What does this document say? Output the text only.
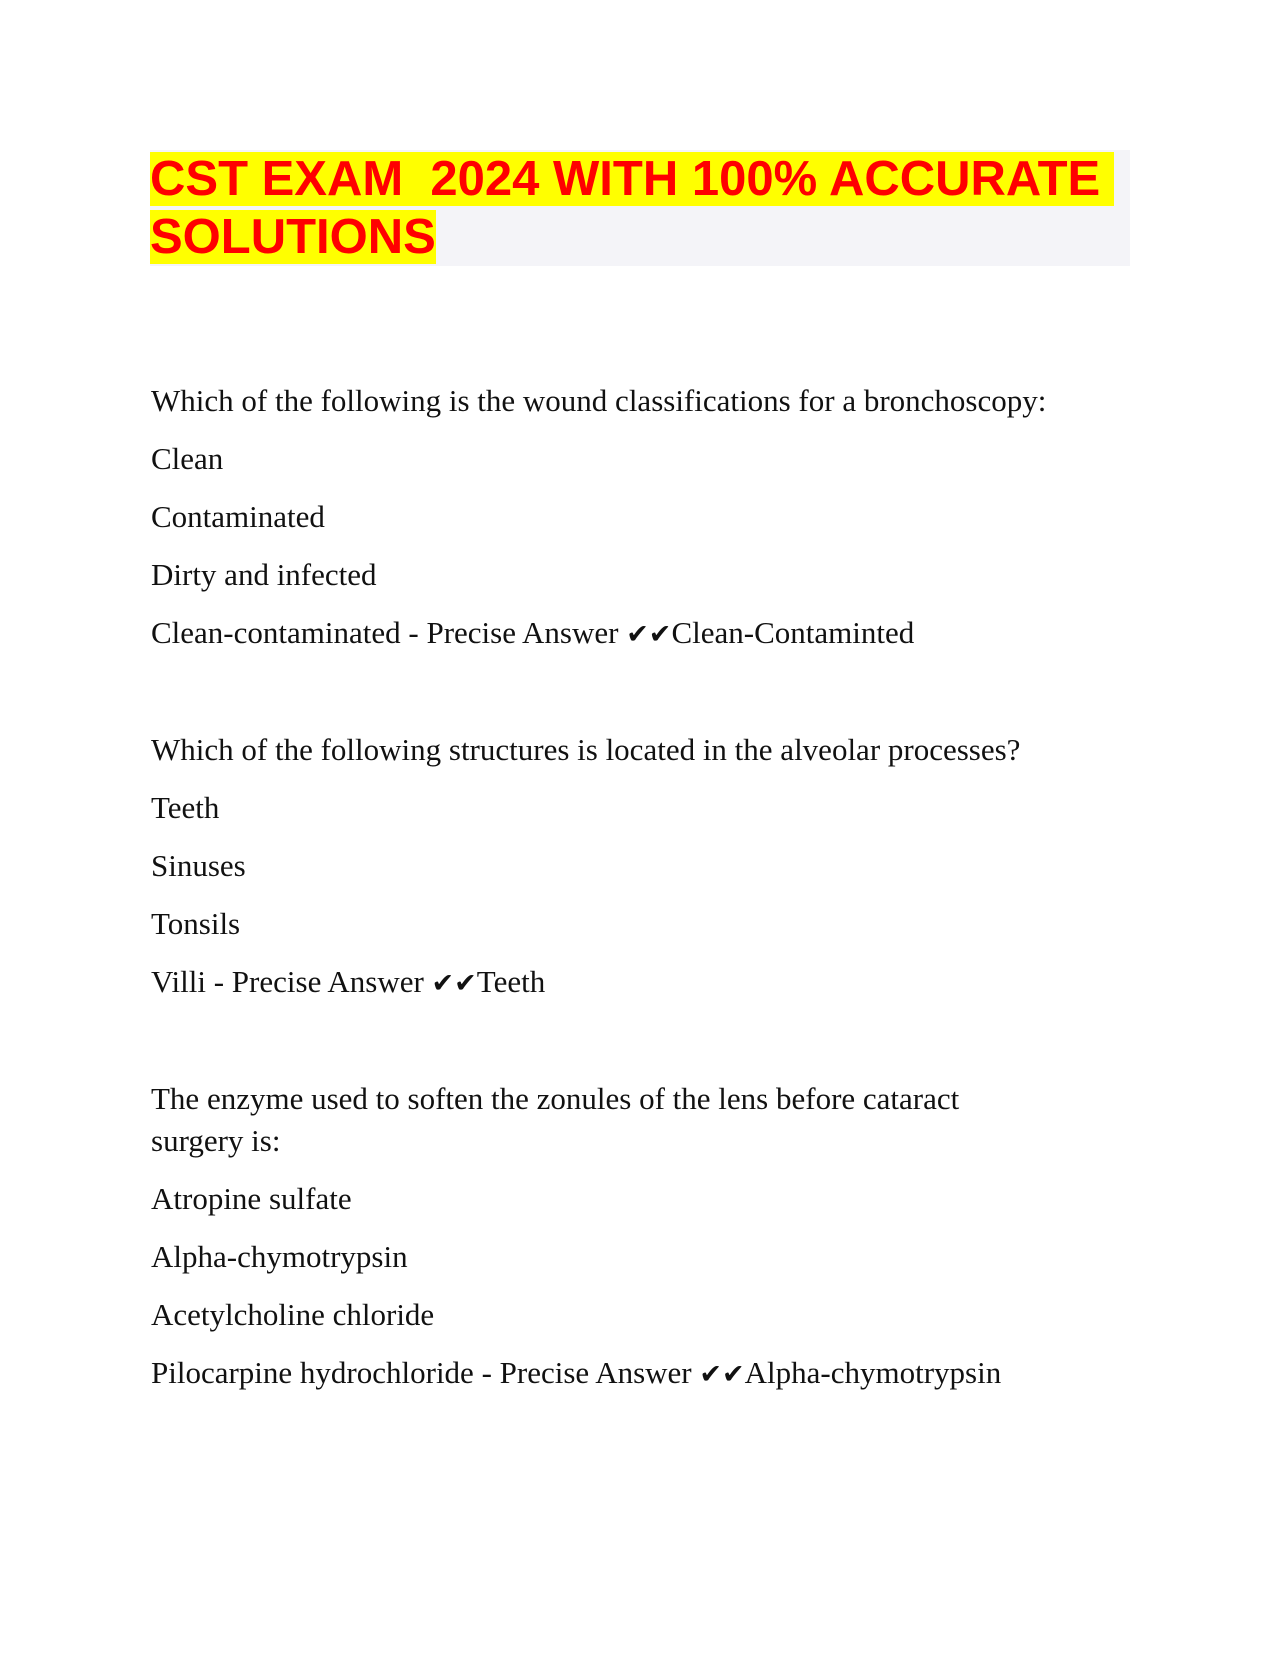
CST EXAM  2024 WITH 100% ACCURATE SOLUTIONS

Which of the following is the wound classifications for a bronchoscopy:

Clean

Contaminated

Dirty and infected

Clean-contaminated - Precise Answer ✔✔Clean-Contaminted

Which of the following structures is located in the alveolar processes?

Teeth

Sinuses

Tonsils

Villi - Precise Answer ✔✔Teeth

The enzyme used to soften the zonules of the lens before cataract surgery is:

Atropine sulfate

Alpha-chymotrypsin

Acetylcholine chloride

Pilocarpine hydrochloride - Precise Answer ✔✔Alpha-chymotrypsin
